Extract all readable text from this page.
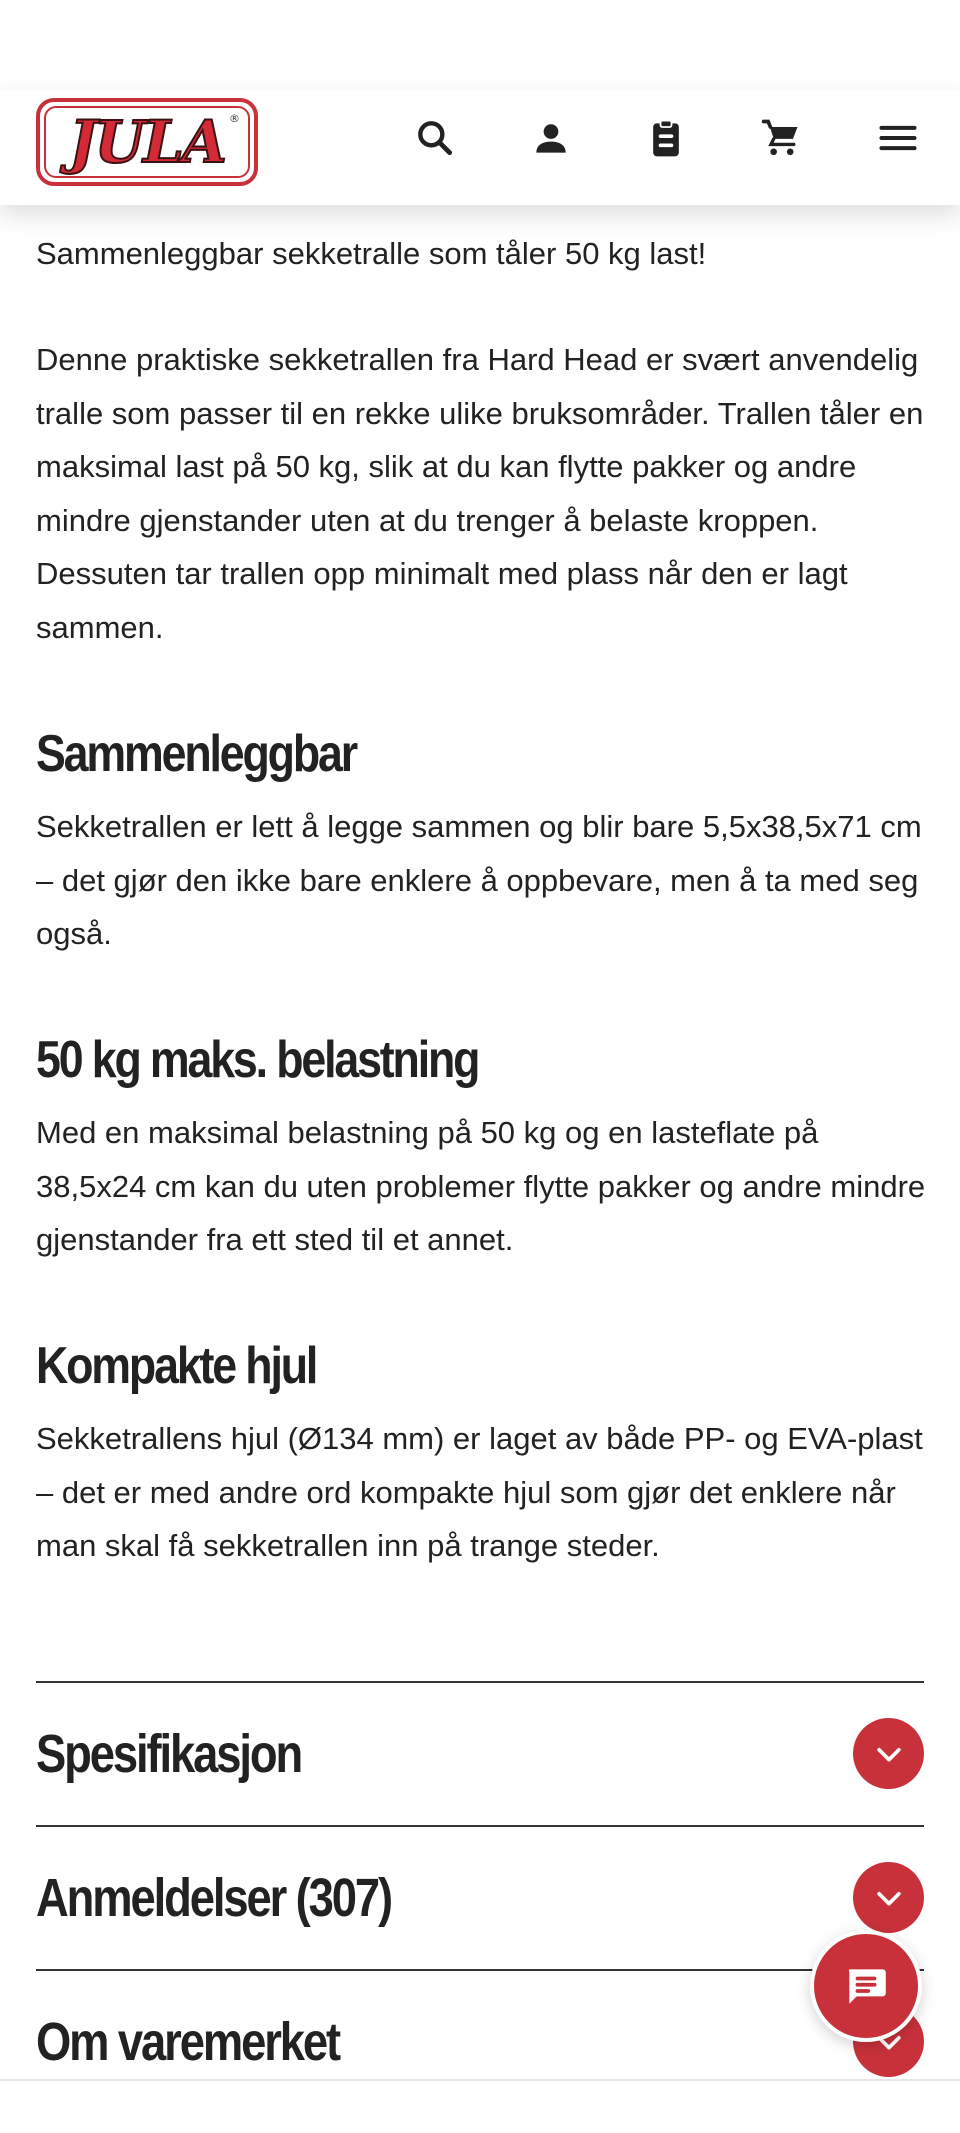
JULA ®

Sammenleggbar sekketralle som tåler 50 kg last!

Denne praktiske sekketrallen fra Hard Head er svært anvendelig tralle som passer til en rekke ulike bruksområder. Trallen tåler en maksimal last på 50 kg, slik at du kan flytte pakker og andre mindre gjenstander uten at du trenger å belaste kroppen. Dessuten tar trallen opp minimalt med plass når den er lagt sammen.

Sammenleggbar

Sekketrallen er lett å legge sammen og blir bare 5,5x38,5x71 cm – det gjør den ikke bare enklere å oppbevare, men å ta med seg også.

50 kg maks. belastning

Med en maksimal belastning på 50 kg og en lasteflate på 38,5x24 cm kan du uten problemer flytte pakker og andre mindre gjenstander fra ett sted til et annet.

Kompakte hjul

Sekketrallens hjul (Ø134 mm) er laget av både PP- og EVA-plast – det er med andre ord kompakte hjul som gjør det enklere når man skal få sekketrallen inn på trange steder.

Spesifikasjon
Anmeldelser (307)
Om varemerket
